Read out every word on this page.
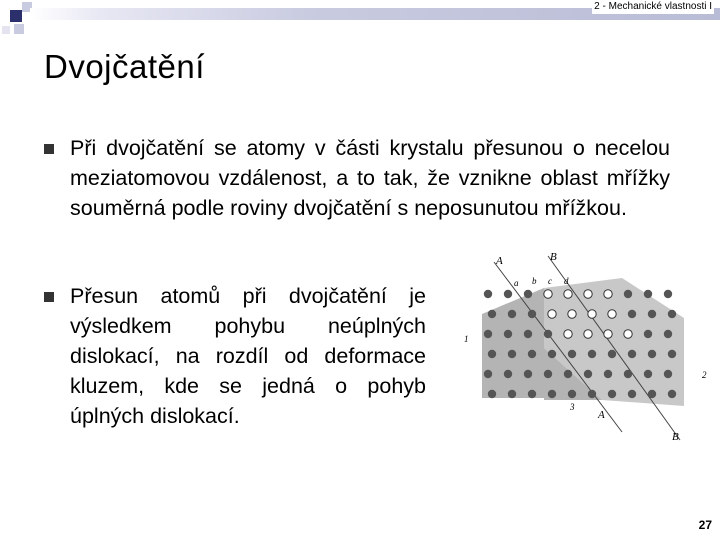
2 - Mechanické vlastnosti I
Dvojčatění
Při dvojčatění se atomy v části krystalu přesunou o necelou meziatomovou vzdálenost, a to tak, že vznikne oblast mřížky souměrná podle roviny dvojčatění s neposunutou mřížkou.
Přesun atomů při dvojčatění je výsledkem pohybu neúplných dislokací, na rozdíl od deformace kluzem, kde se jedná o pohyb úplných dislokací.
A	B
a b c d
1
2
3
A
B
27
